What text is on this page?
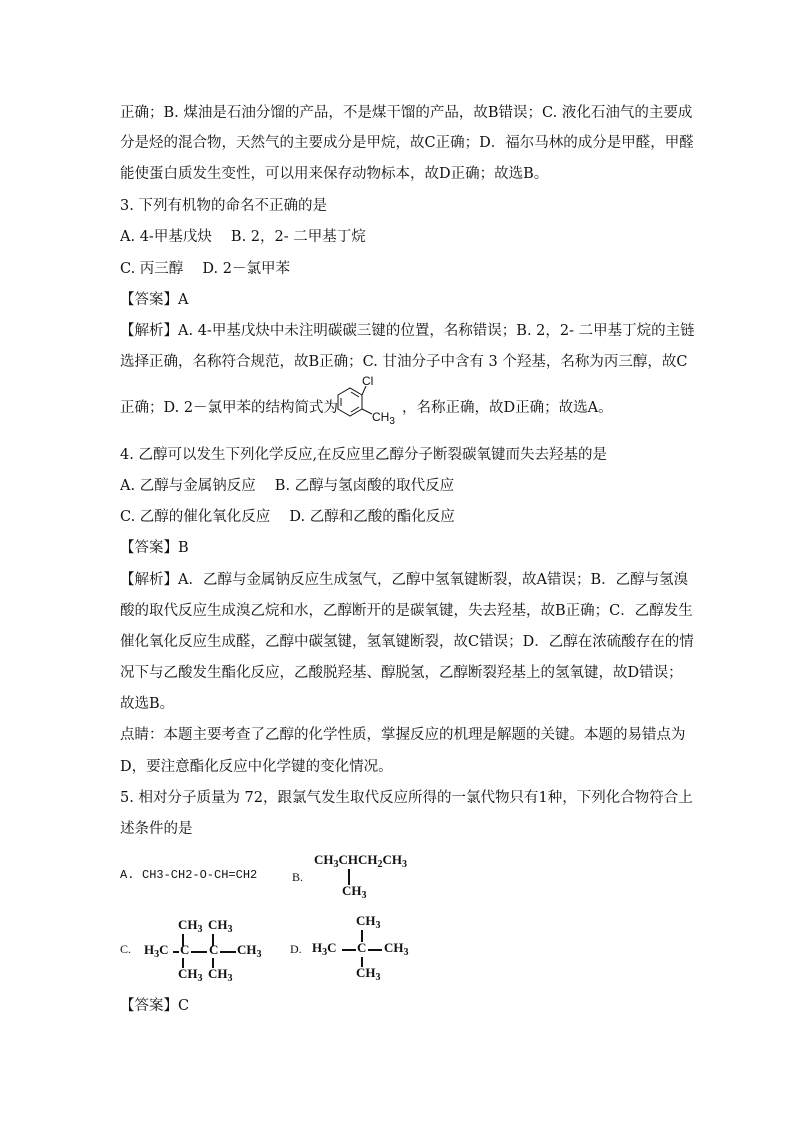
正确；B. 煤油是石油分馏的产品，不是煤干馏的产品，故B错误；C. 液化石油气的主要成
分是烃的混合物，天然气的主要成分是甲烷，故C正确；D．福尔马林的成分是甲醛，甲醛
能使蛋白质发生变性，可以用来保存动物标本，故D正确；故选B。
3. 下列有机物的命名不正确的是
A. 4-甲基戊炔　 B. 2，2- 二甲基丁烷
C. 丙三醇　 D. 2－氯甲苯
【答案】A
【解析】A. 4-甲基戊炔中未注明碳碳三键的位置，名称错误；B. 2，2- 二甲基丁烷的主链
选择正确，名称符合规范，故B正确；C. 甘油分子中含有 3 个羟基，名称为丙三醇，故C
正确；D. 2－氯甲苯的结构简式为	，名称正确，故D正确；故选A。
Cl
$CH_3$
4. 乙醇可以发生下列化学反应,在反应里乙醇分子断裂碳氧键而失去羟基的是
A. 乙醇与金属钠反应　 B. 乙醇与氢卤酸的取代反应
C. 乙醇的催化氧化反应　 D. 乙醇和乙酸的酯化反应
【答案】B
【解析】A．乙醇与金属钠反应生成氢气，乙醇中氢氧键断裂，故A错误；B．乙醇与氢溴
酸的取代反应生成溴乙烷和水，乙醇断开的是碳氧键，失去羟基，故B正确；C．乙醇发生
催化氧化反应生成醛，乙醇中碳氢键，氢氧键断裂，故C错误；D．乙醇在浓硫酸存在的情
况下与乙酸发生酯化反应，乙酸脱羟基、醇脱氢，乙醇断裂羟基上的氢氧键，故D错误；
故选B。
点睛：本题主要考查了乙醇的化学性质，掌握反应的机理是解题的关键。本题的易错点为
D，要注意酯化反应中化学键的变化情况。
5. 相对分子质量为 72，跟氯气发生取代反应所得的一氯代物只有1种，下列化合物符合上
述条件的是
A. CH3-CH2-O-CH=CH2	B.
$CH_3CHCH_2CH_3$
$CH_3$
C.
$CH_3$ $CH_3$
$H_3C$ C C $CH_3$
$CH_3$ $CH_3$
D.
$CH_3$
$H_3C$ C $CH_3$
$CH_3$
【答案】C
